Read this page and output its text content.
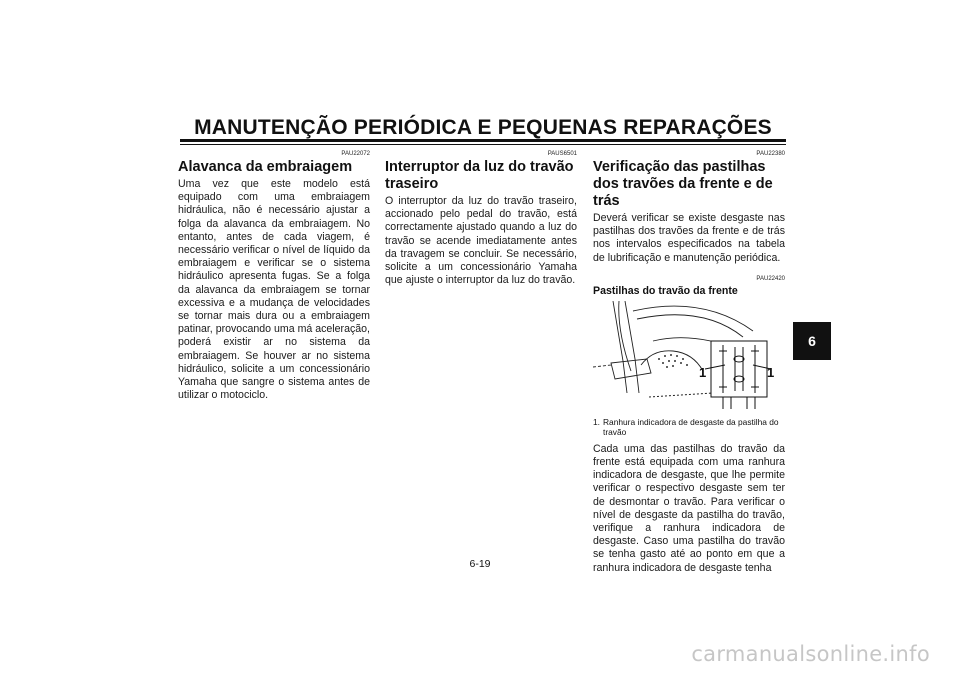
MANUTENÇÃO PERIÓDICA E PEQUENAS REPARAÇÕES

PAU22072

Alavanca da embraiagem

Uma vez que este modelo está equipado com uma embraiagem hidráulica, não é necessário ajustar a folga da alavanca da embraiagem. No entanto, antes de cada viagem, é necessário verificar o nível de líquido da embraiagem e verificar se o sistema hidráulico apresenta fugas. Se a folga da alavanca da embraiagem se tornar excessiva e a mudança de velocidades se tornar mais dura ou a embraiagem patinar, provocando uma má aceleração, poderá existir ar no sistema da embraiagem. Se houver ar no sistema hidráulico, solicite a um concessionário Yamaha que sangre o sistema antes de utilizar o motociclo.

PAUS6501

Interruptor da luz do travão traseiro

O interruptor da luz do travão traseiro, accionado pelo pedal do travão, está correctamente ajustado quando a luz do travão se acende imediatamente antes da travagem se concluir. Se necessário, solicite a um concessionário Yamaha que ajuste o interruptor da luz do travão.

PAU22380

Verificação das pastilhas dos travões da frente e de trás

Deverá verificar se existe desgaste nas pastilhas dos travões da frente e de trás nos intervalos especificados na tabela de lubrificação e manutenção periódica.

PAU22420

Pastilhas do travão da frente
1	1
1. Ranhura indicadora de desgaste da pastilha do travão

Cada uma das pastilhas do travão da frente está equipada com uma ranhura indicadora de desgaste, que lhe permite verificar o respectivo desgaste sem ter de desmontar o travão. Para verificar o nível de desgaste da pastilha do travão, verifique a ranhura indicadora de desgaste. Caso uma pastilha do travão se tenha gasto até ao ponto em que a ranhura indicadora de desgaste tenha

6
6-19
carmanualsonline.info
